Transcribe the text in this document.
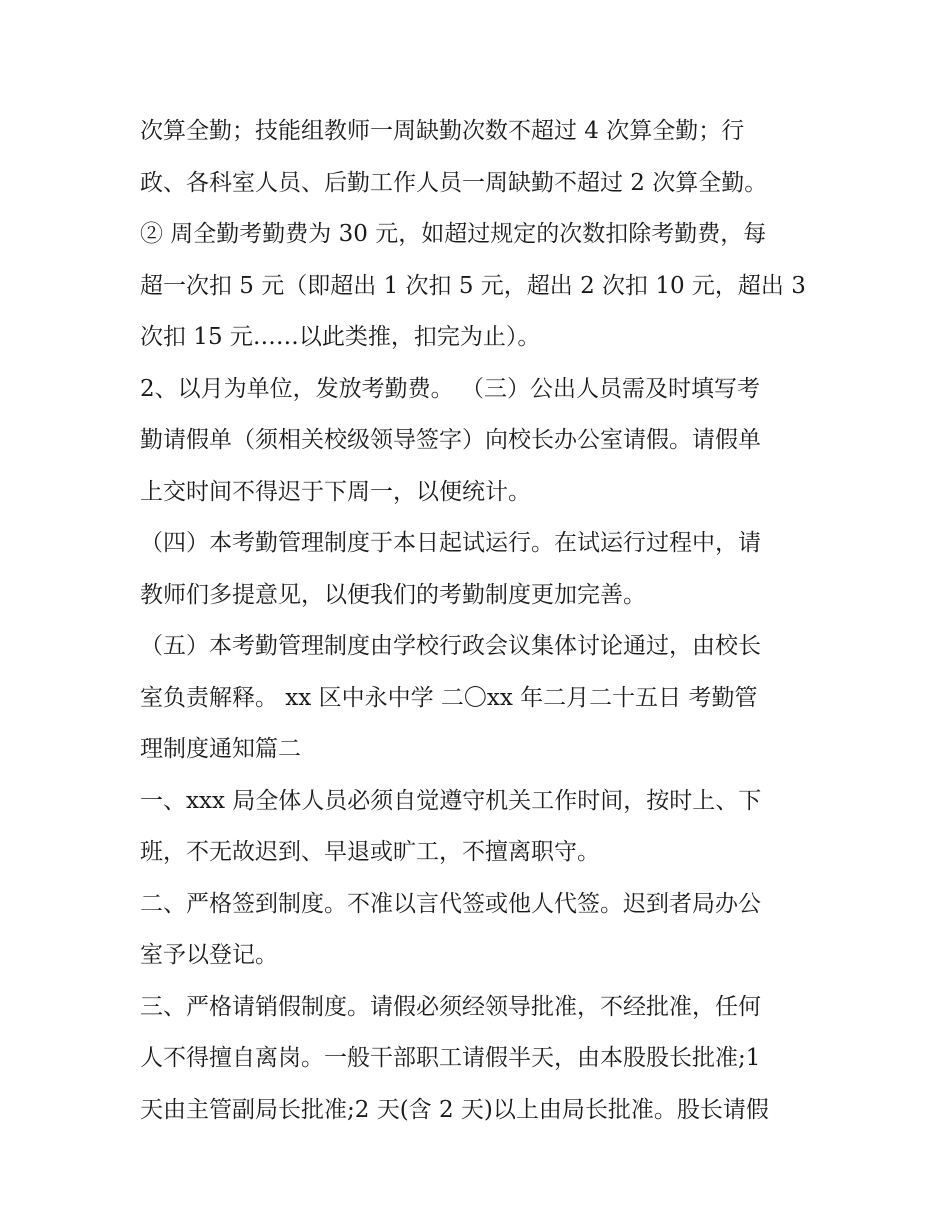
次算全勤；技能组教师一周缺勤次数不超过 4 次算全勤；行
政、各科室人员、后勤工作人员一周缺勤不超过 2 次算全勤。
② 周全勤考勤费为 30 元，如超过规定的次数扣除考勤费，每
超一次扣 5 元（即超出 1 次扣 5 元，超出 2 次扣 10 元，超出 3
次扣 15 元……以此类推，扣完为止）。
2、以月为单位，发放考勤费。 （三）公出人员需及时填写考
勤请假单（须相关校级领导签字）向校长办公室请假。请假单
上交时间不得迟于下周一，以便统计。
（四）本考勤管理制度于本日起试运行。在试运行过程中，请
教师们多提意见，以便我们的考勤制度更加完善。
（五）本考勤管理制度由学校行政会议集体讨论通过，由校长
室负责解释。 xx 区中永中学 二〇xx 年二月二十五日 考勤管
理制度通知篇二
一、xxx 局全体人员必须自觉遵守机关工作时间，按时上、下
班，不无故迟到、早退或旷工，不擅离职守。
二、严格签到制度。不准以言代签或他人代签。迟到者局办公
室予以登记。
三、严格请销假制度。请假必须经领导批准，不经批准，任何
人不得擅自离岗。一般干部职工请假半天，由本股股长批准;1
天由主管副局长批准;2 天(含 2 天)以上由局长批准。股长请假
